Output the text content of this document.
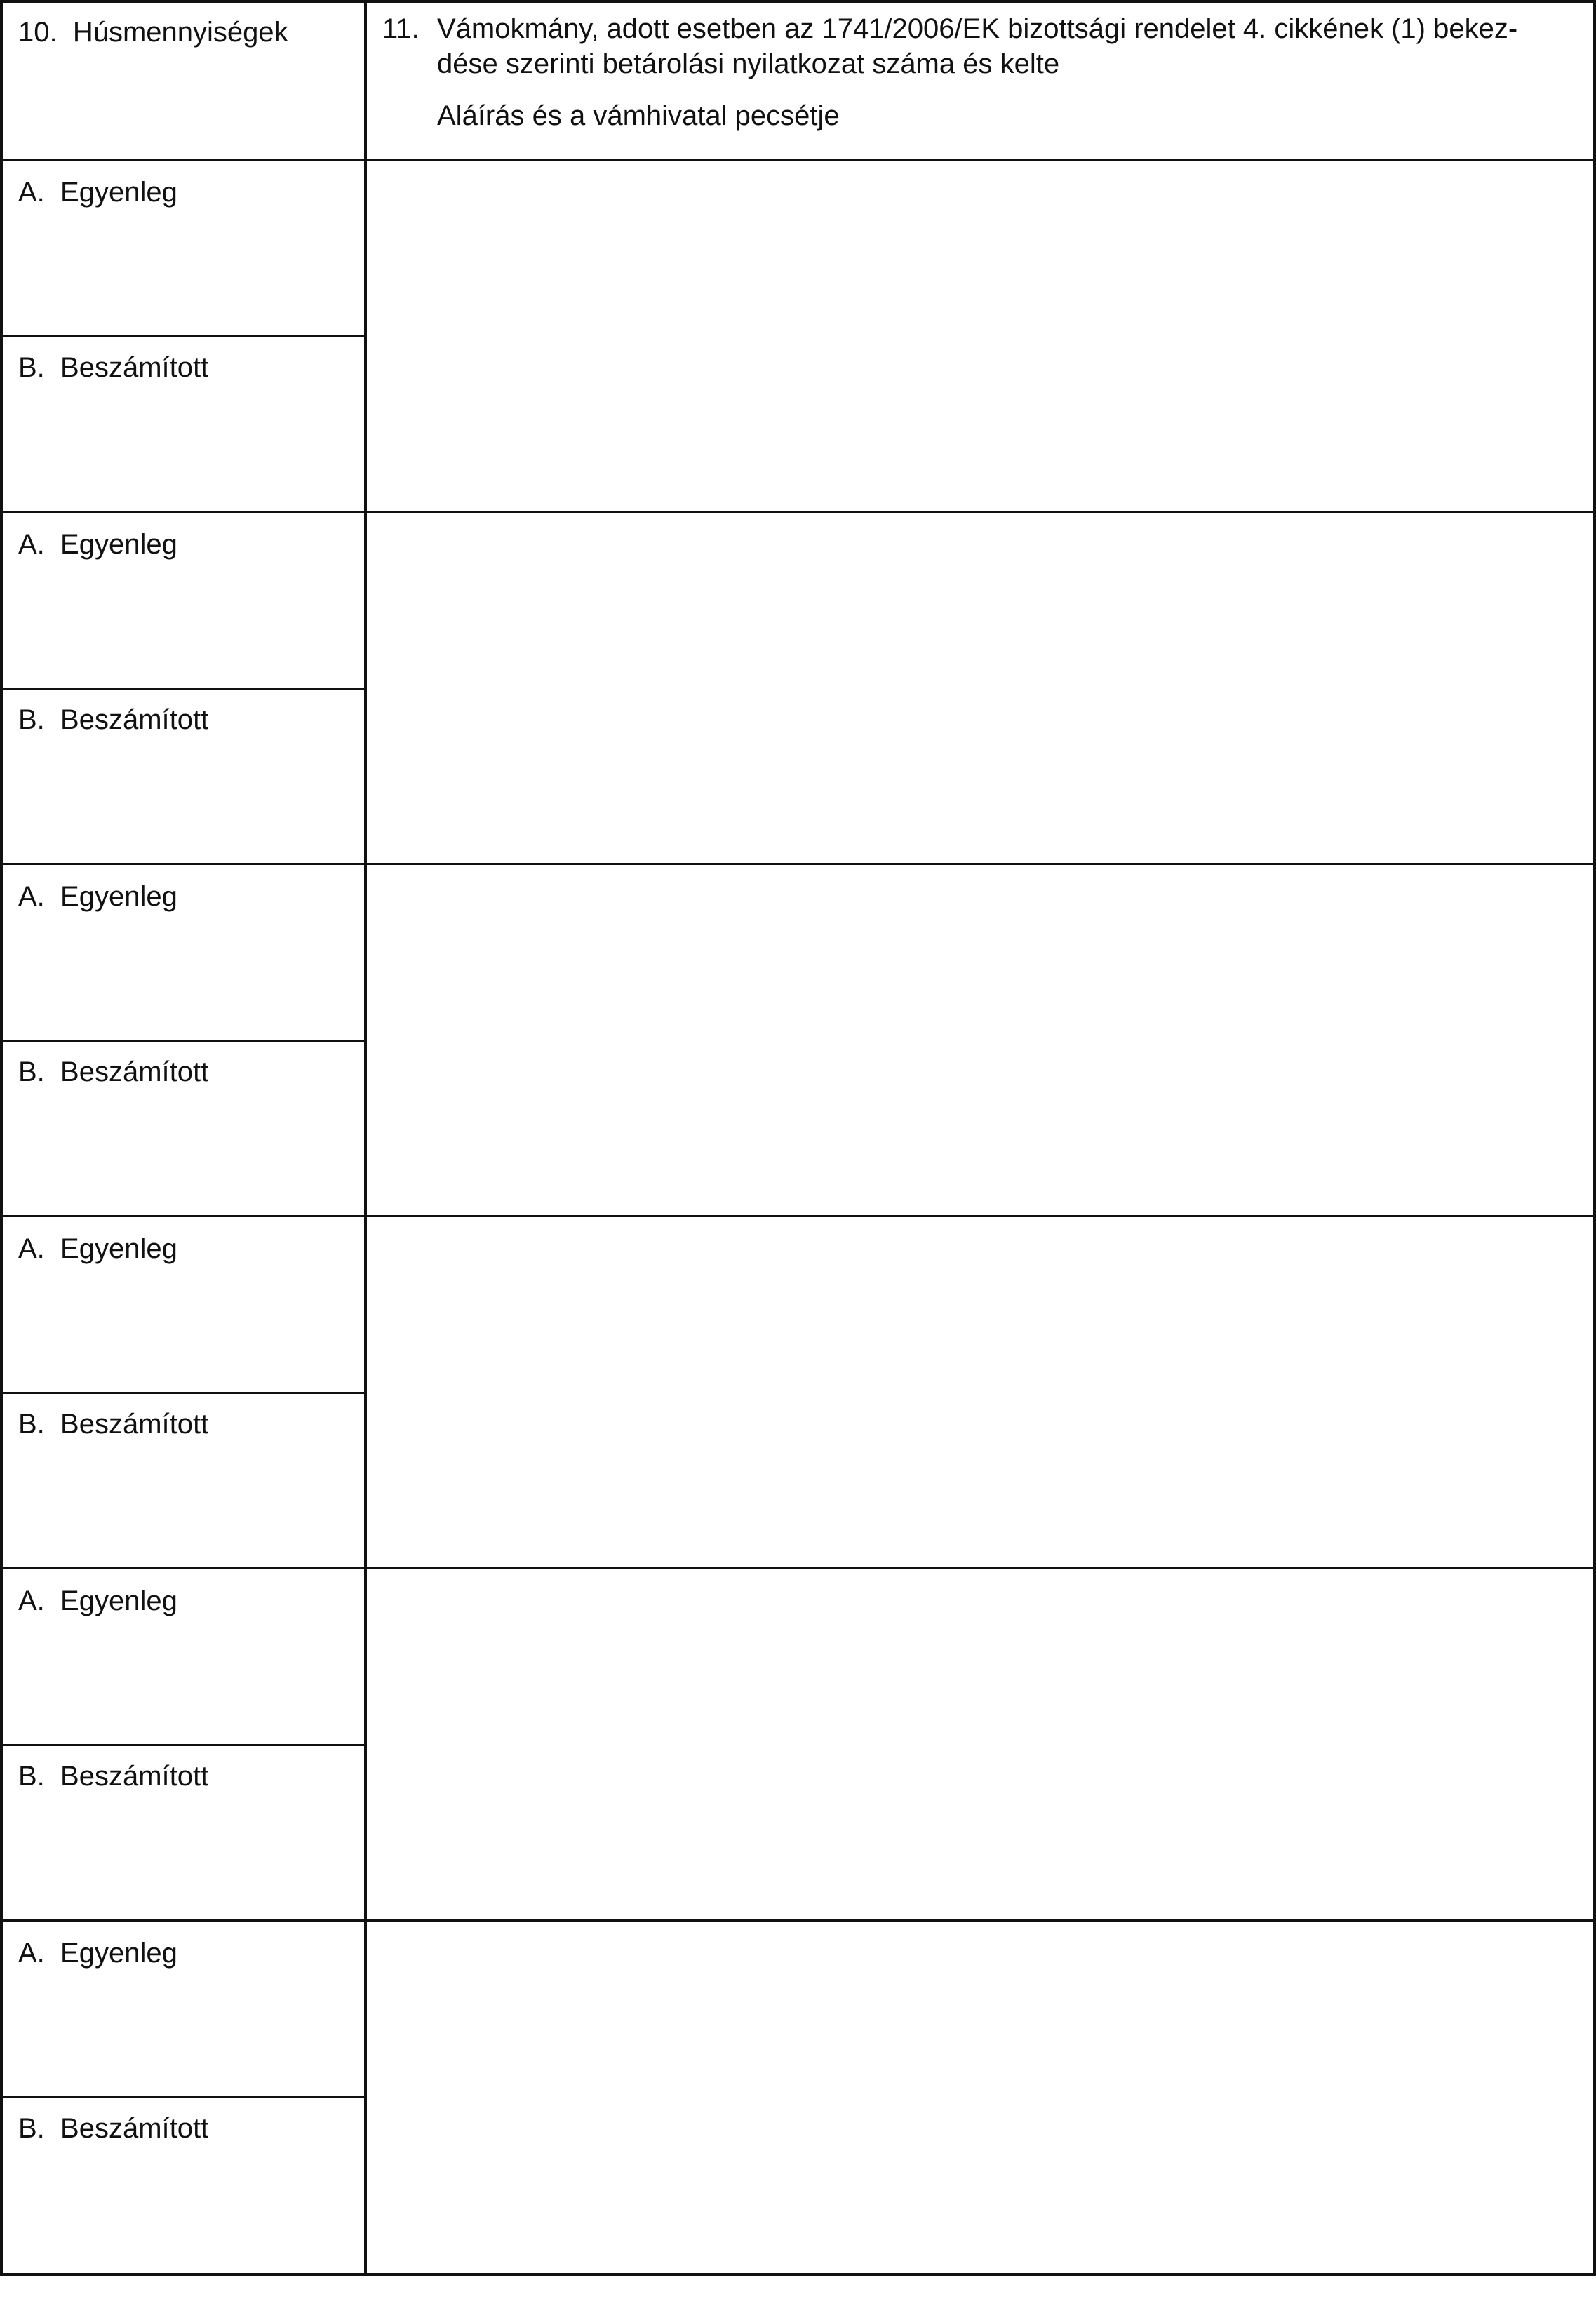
10. Húsmennyiségek	11. Vámokmány, adott esetben az 1741/2006/EK bizottsági rendelet 4. cikkének (1) bekez-
dése szerinti betárolási nyilatkozat száma és kelte
Aláírás és a vámhivatal pecsétje
A. Egyenleg
B. Beszámított
A. Egyenleg
B. Beszámított
A. Egyenleg
B. Beszámított
A. Egyenleg
B. Beszámított
A. Egyenleg
B. Beszámított
A. Egyenleg
B. Beszámított
